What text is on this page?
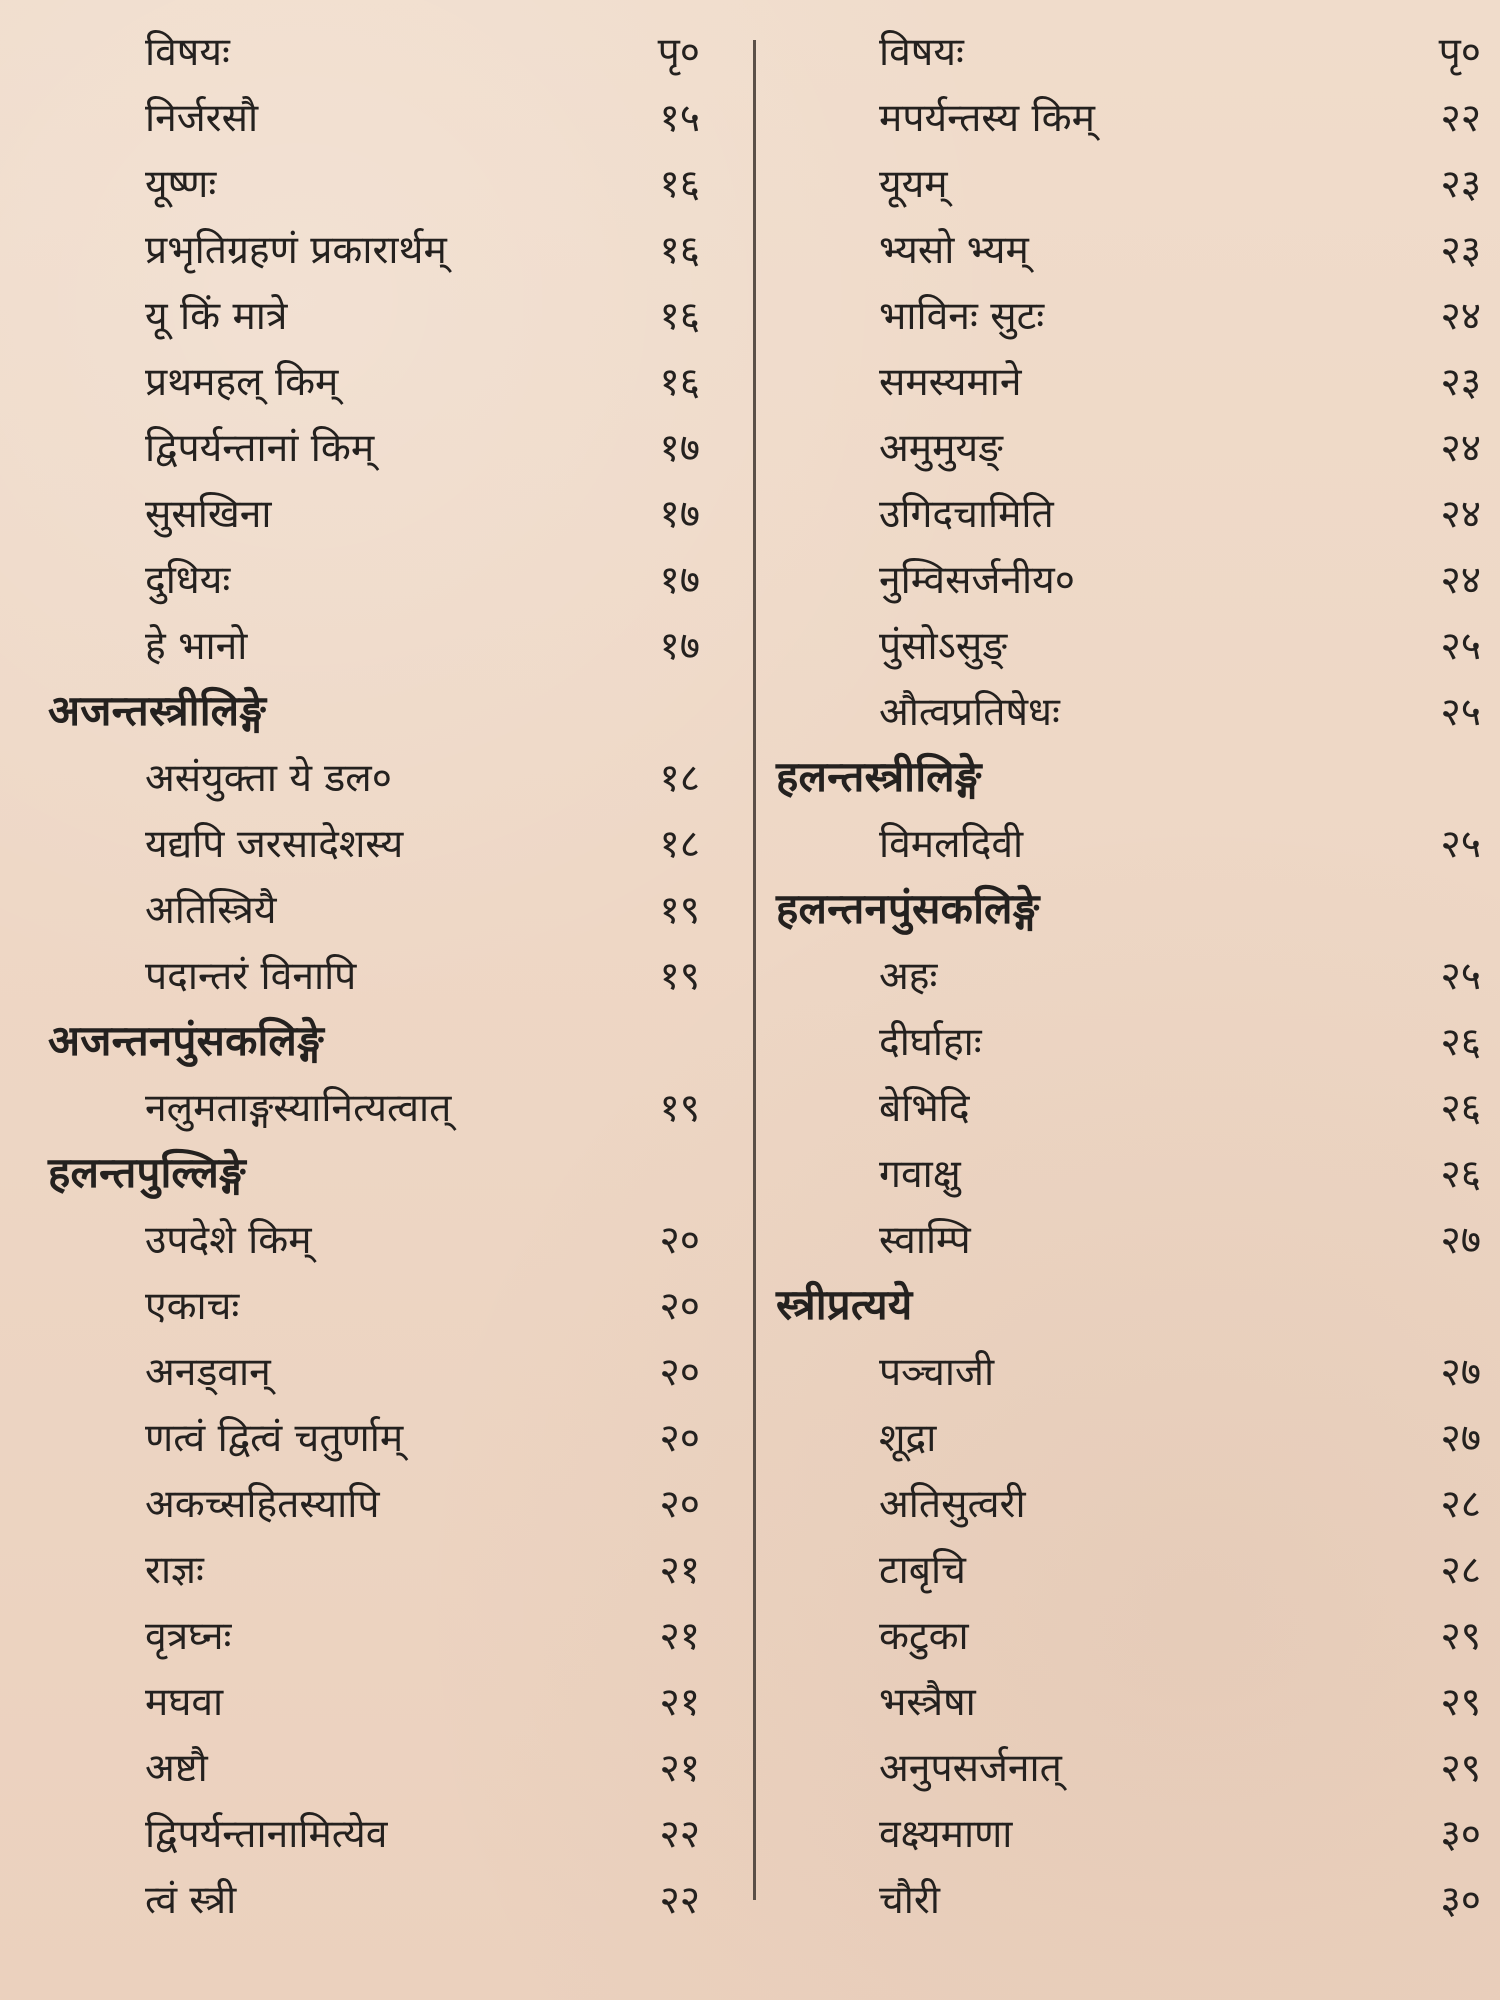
विषयः	पृ०
निर्जरसौ	१५
यूष्णः	१६
प्रभृतिग्रहणं प्रकारार्थम्	१६
यू किं मात्रे	१६
प्रथमहल् किम्	१६
द्विपर्यन्तानां किम्	१७
सुसखिना	१७
दुधियः	१७
हे भानो	१७
अजन्तस्त्रीलिङ्गे
असंयुक्ता ये डल०	१८
यद्यपि जरसादेशस्य	१८
अतिस्त्रियै	१९
पदान्तरं विनापि	१९
अजन्तनपुंसकलिङ्गे
नलुमताङ्गस्यानित्यत्वात्	१९
हलन्तपुल्लिङ्गे
उपदेशे किम्	२०
एकाचः	२०
अनड्वान्	२०
णत्वं द्वित्वं चतुर्णाम्	२०
अकच्सहितस्यापि	२०
राज्ञः	२१
वृत्रघ्नः	२१
मघवा	२१
अष्टौ	२१
द्विपर्यन्तानामित्येव	२२
त्वं स्त्री	२२
विषयः	पृ०
मपर्यन्तस्य किम्	२२
यूयम्	२३
भ्यसो भ्यम्	२३
भाविनः सुटः	२४
समस्यमाने	२३
अमुमुयङ्	२४
उगिदचामिति	२४
नुम्विसर्जनीय०	२४
पुंसोऽसुङ्	२५
औत्वप्रतिषेधः	२५
हलन्तस्त्रीलिङ्गे
विमलदिवी	२५
हलन्तनपुंसकलिङ्गे
अहः	२५
दीर्घाहाः	२६
बेभिदि	२६
गवाक्षु	२६
स्वाम्पि	२७
स्त्रीप्रत्यये
पञ्चाजी	२७
शूद्रा	२७
अतिसुत्वरी	२८
टाबृचि	२८
कटुका	२९
भस्त्रैषा	२९
अनुपसर्जनात्	२९
वक्ष्यमाणा	३०
चौरी	३०
